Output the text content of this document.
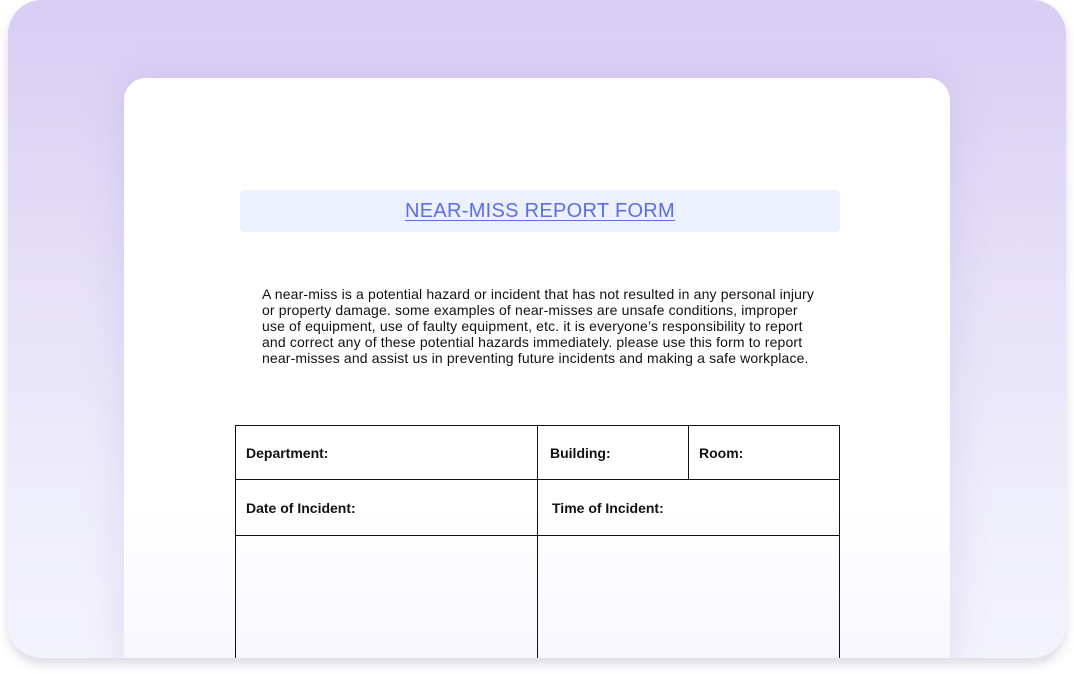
NEAR-MISS REPORT FORM
A near-miss is a potential hazard or incident that has not resulted in any personal injury or property damage. some examples of near-misses are unsafe conditions, improper use of equipment, use of faulty equipment, etc. it is everyone’s responsibility to report and correct any of these potential hazards immediately. please use this form to report near-misses and assist us in preventing future incidents and making a safe workplace.
Department:	Building:	Room:
Date of Incident:	Time of Incident:	
